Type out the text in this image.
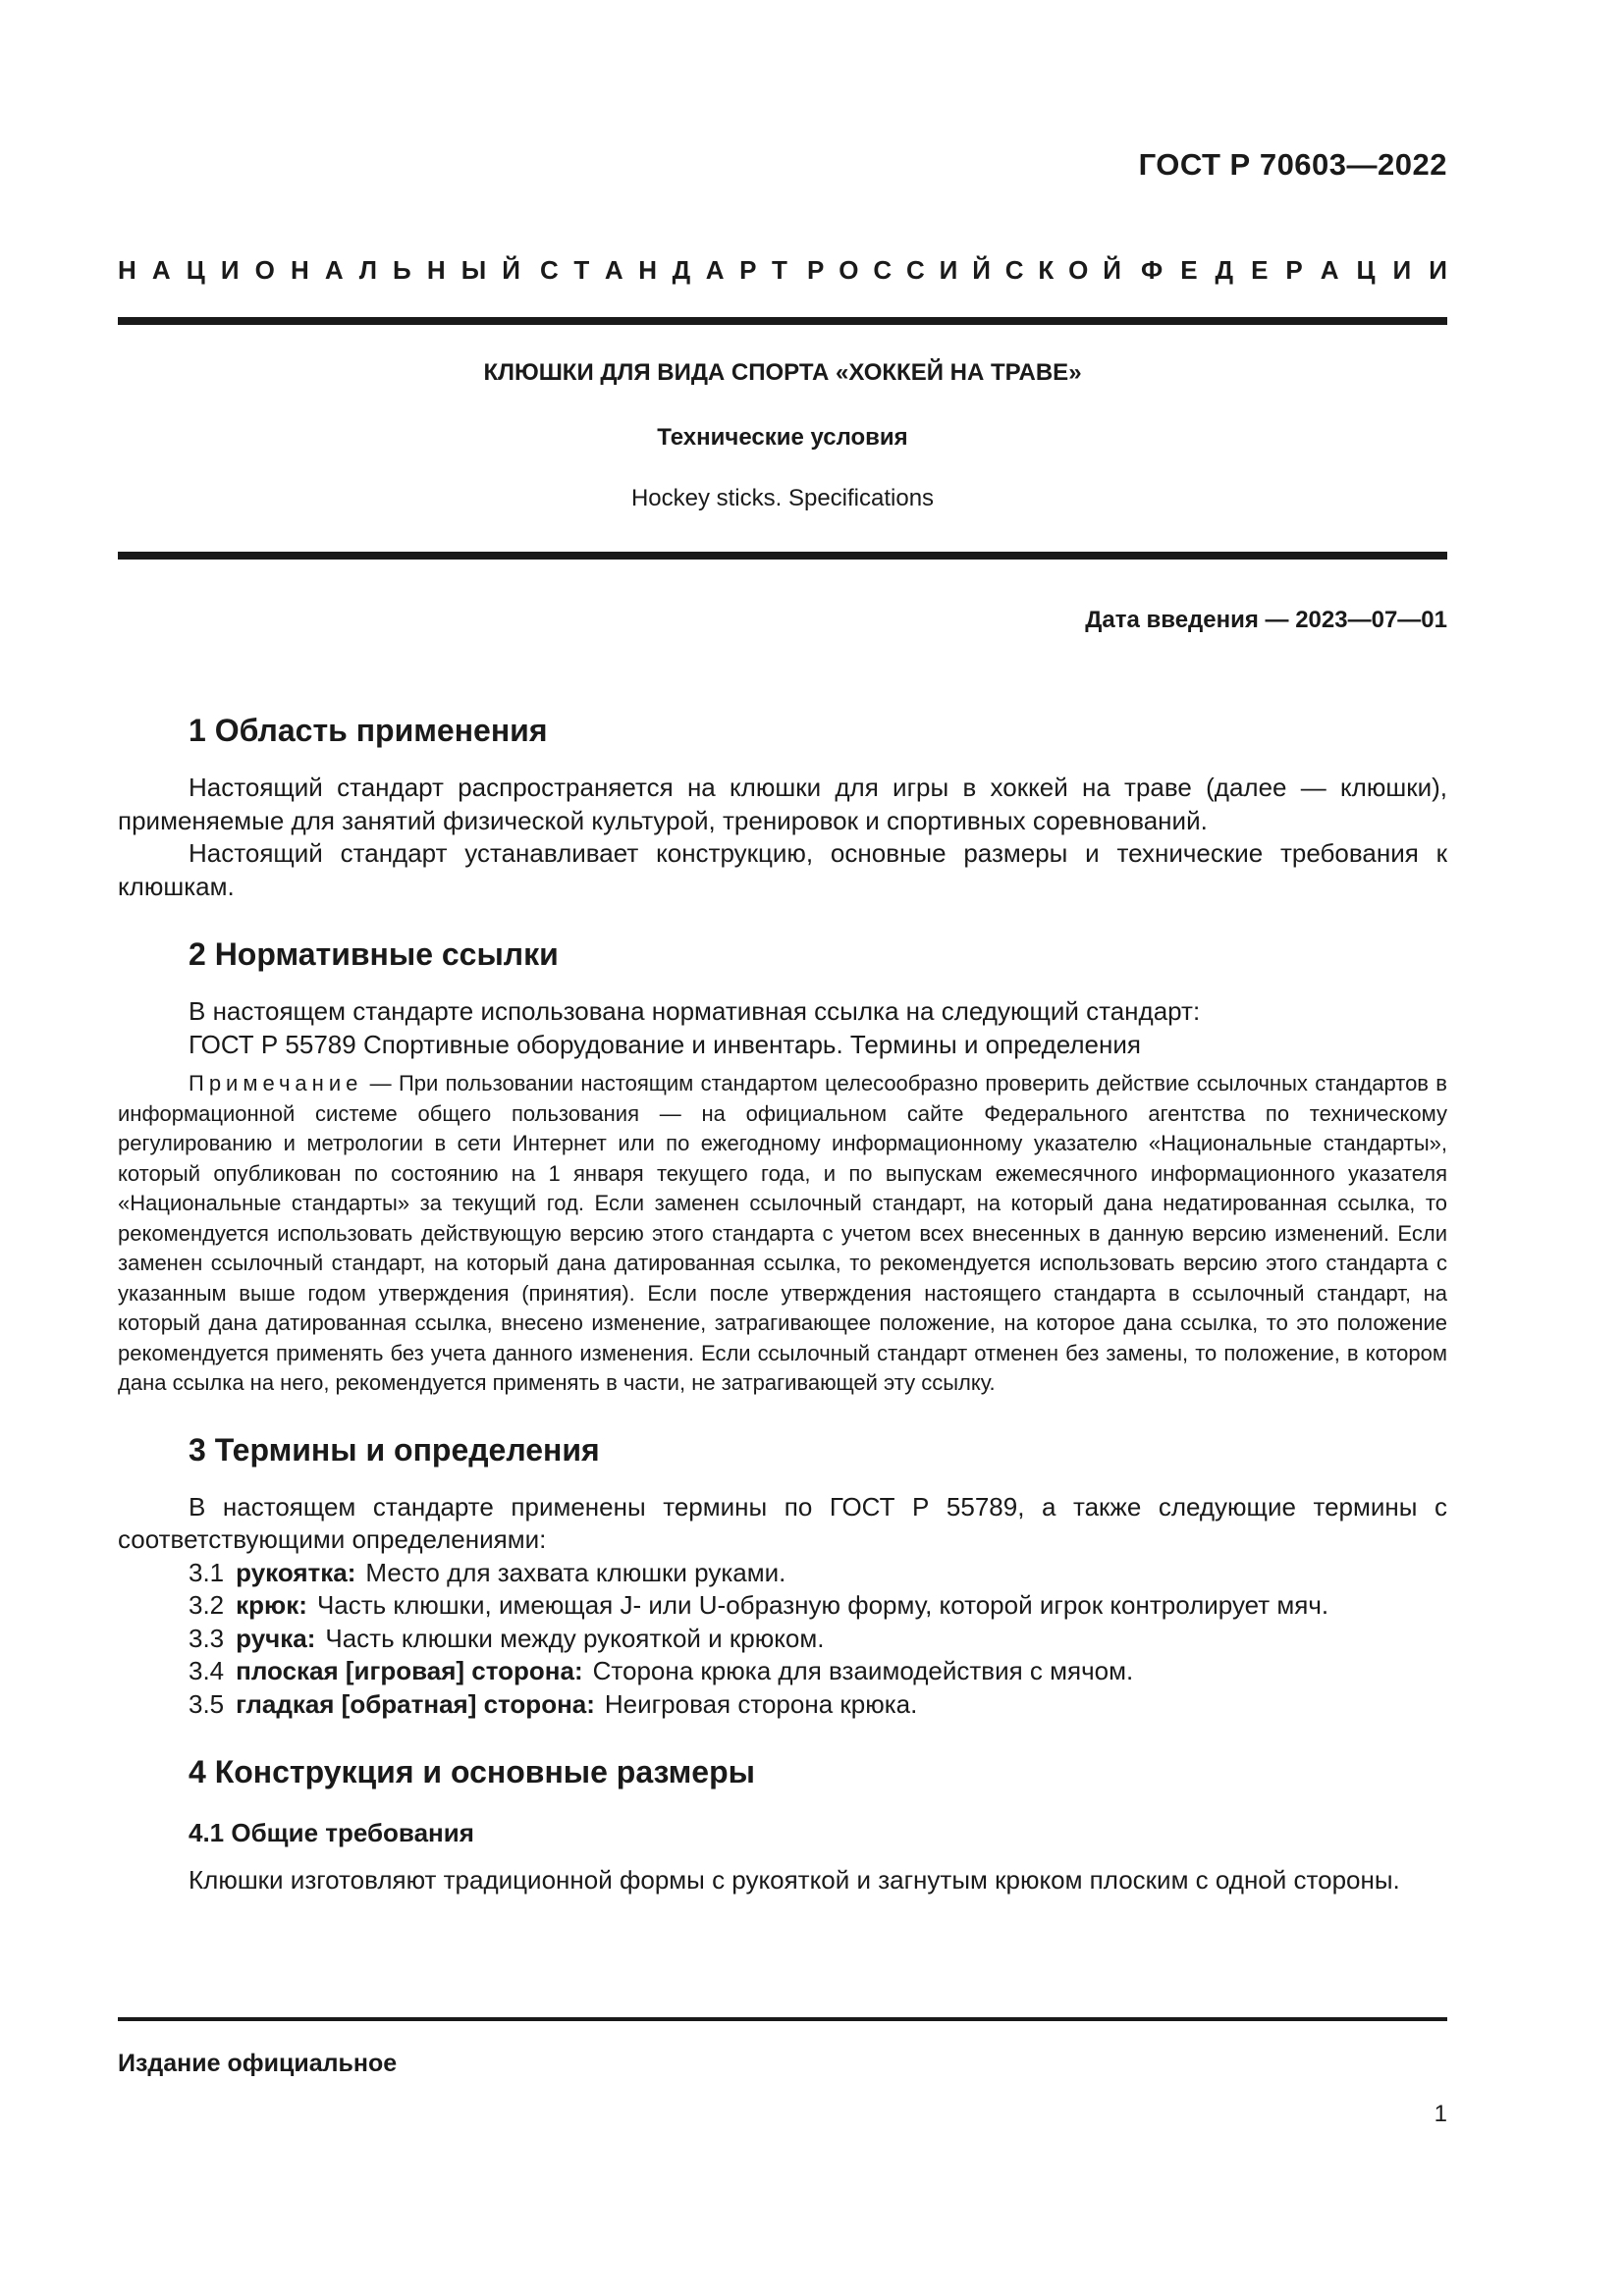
ГОСТ Р 70603—2022
Н А Ц И О Н А Л Ь Н Ы Й С Т А Н Д А Р Т Р О С С И Й С К О Й Ф Е Д Е Р А Ц И И
КЛЮШКИ ДЛЯ ВИДА СПОРТА «ХОККЕЙ НА ТРАВЕ»
Технические условия
Hockey sticks. Specifications
Дата введения — 2023—07—01
1 Область применения

Настоящий стандарт распространяется на клюшки для игры в хоккей на траве (далее — клюшки), применяемые для занятий физической культурой, тренировок и спортивных соревнований.

Настоящий стандарт устанавливает конструкцию, основные размеры и технические требования к клюшкам.

2 Нормативные ссылки

В настоящем стандарте использована нормативная ссылка на следующий стандарт:

ГОСТ Р 55789 Спортивные оборудование и инвентарь. Термины и определения

Примечание — При пользовании настоящим стандартом целесообразно проверить действие ссылочных стандартов в информационной системе общего пользования — на официальном сайте Федерального агентства по техническому регулированию и метрологии в сети Интернет или по ежегодному информационному указателю «Национальные стандарты», который опубликован по состоянию на 1 января текущего года, и по выпускам ежемесячного информационного указателя «Национальные стандарты» за текущий год. Если заменен ссылочный стандарт, на который дана недатированная ссылка, то рекомендуется использовать действующую версию этого стандарта с учетом всех внесенных в данную версию изменений. Если заменен ссылочный стандарт, на который дана датированная ссылка, то рекомендуется использовать версию этого стандарта с указанным выше годом утверждения (принятия). Если после утверждения настоящего стандарта в ссылочный стандарт, на который дана датированная ссылка, внесено изменение, затрагивающее положение, на которое дана ссылка, то это положение рекомендуется применять без учета данного изменения. Если ссылочный стандарт отменен без замены, то положение, в котором дана ссылка на него, рекомендуется применять в части, не затрагивающей эту ссылку.

3 Термины и определения

В настоящем стандарте применены термины по ГОСТ Р 55789, а также следующие термины с соответствующими определениями:

3.1 рукоятка: Место для захвата клюшки руками.
3.2 крюк: Часть клюшки, имеющая J- или U-образную форму, которой игрок контролирует мяч.
3.3 ручка: Часть клюшки между рукояткой и крюком.
3.4 плоская [игровая] сторона: Сторона крюка для взаимодействия с мячом.
3.5 гладкая [обратная] сторона: Неигровая сторона крюка.
4 Конструкция и основные размеры
4.1 Общие требования

Клюшки изготовляют традиционной формы с рукояткой и загнутым крюком плоским с одной стороны.

Издание официальное
1
